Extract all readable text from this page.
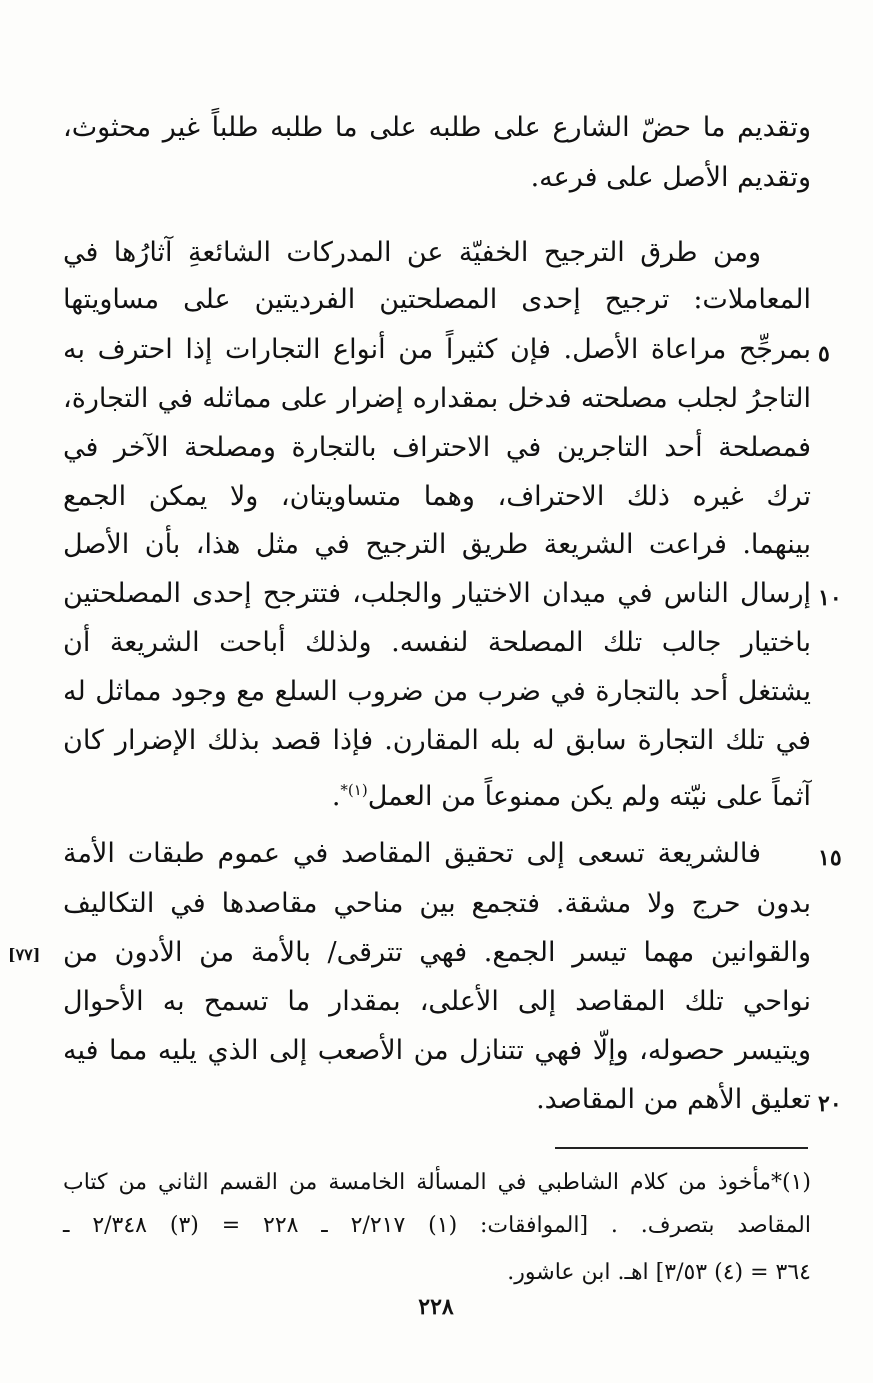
وتقديم ما حضّ الشارع على طلبه على ما طلبه طلباً غير محثوث،
وتقديم الأصل على فرعه.
ومن طرق الترجيح الخفيّة عن المدركات الشائعةِ آثارُها في
المعاملات: ترجيح إحدى المصلحتين الفرديتين على مساويتها
بمرجِّح مراعاة الأصل. فإن كثيراً من أنواع التجارات إذا احترف به ٥
التاجرُ لجلب مصلحته فدخل بمقداره إضرار على مماثله في التجارة،
فمصلحة أحد التاجرين في الاحتراف بالتجارة ومصلحة الآخر في
ترك غيره ذلك الاحتراف، وهما متساويتان، ولا يمكن الجمع
بينهما. فراعت الشريعة طريق الترجيح في مثل هذا، بأن الأصل
إرسال الناس في ميدان الاختيار والجلب، فتترجح إحدى المصلحتين ١٠
باختيار جالب تلك المصلحة لنفسه. ولذلك أباحت الشريعة أن
يشتغل أحد بالتجارة في ضرب من ضروب السلع مع وجود مماثل له
في تلك التجارة سابق له بله المقارن. فإذا قصد بذلك الإضرار كان
آثماً على نيّته ولم يكن ممنوعاً من العمل$^{(١)*}$.
فالشريعة تسعى إلى تحقيق المقاصد في عموم طبقات الأمة	١٥
بدون حرج ولا مشقة. فتجمع بين مناحي مقاصدها في التكاليف
والقوانين مهما تيسر الجمع. فهي تترقى/ بالأمة من الأدون من
[٧٧]
نواحي تلك المقاصد إلى الأعلى، بمقدار ما تسمح به الأحوال
ويتيسر حصوله، وإلّا فهي تتنازل من الأصعب إلى الذي يليه مما فيه
تعليق الأهم من المقاصد. ٢٠
(١)*مأخوذ من كلام الشاطبي في المسألة الخامسة من القسم الثاني من كتاب
المقاصد بتصرف. . [الموافقات: (١) ٢/٢١٧ ـ ٢٢٨ = (٣) ٢/٣٤٨ ـ
٣٦٤ = (٤) ٣/٥٣] اهـ. ابن عاشور.
٢٢٨
